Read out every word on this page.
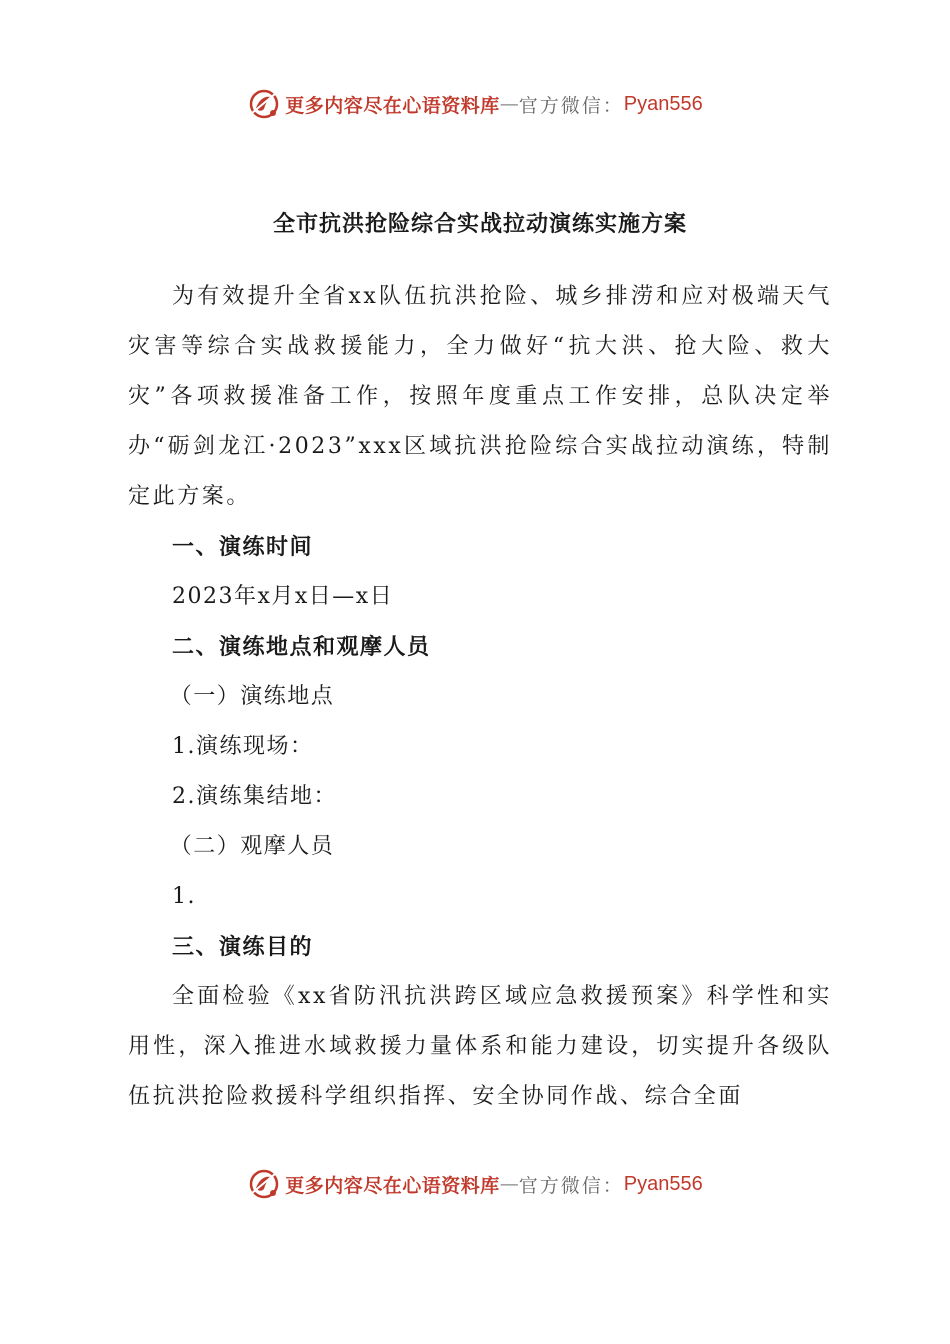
更多内容尽在心语资料库 — 官方微信： Pyan556
全市抗洪抢险综合实战拉动演练实施方案

为有效提升全省xx队伍抗洪抢险、城乡排涝和应对极端天气灾害等综合实战救援能力，全力做好“抗大洪、抢大险、救大灾”各项救援准备工作，按照年度重点工作安排，总队决定举办“砺剑龙江·2023”xxx区域抗洪抢险综合实战拉动演练，特制定此方案。

一、演练时间

2023年x月x日—x日

二、演练地点和观摩人员

（一）演练地点

1.演练现场：

2.演练集结地：

（二）观摩人员

1.

三、演练目的

全面检验《xx省防汛抗洪跨区域应急救援预案》科学性和实用性，深入推进水域救援力量体系和能力建设，切实提升各级队伍抗洪抢险救援科学组织指挥、安全协同作战、综合全面

更多内容尽在心语资料库 — 官方微信： Pyan556
